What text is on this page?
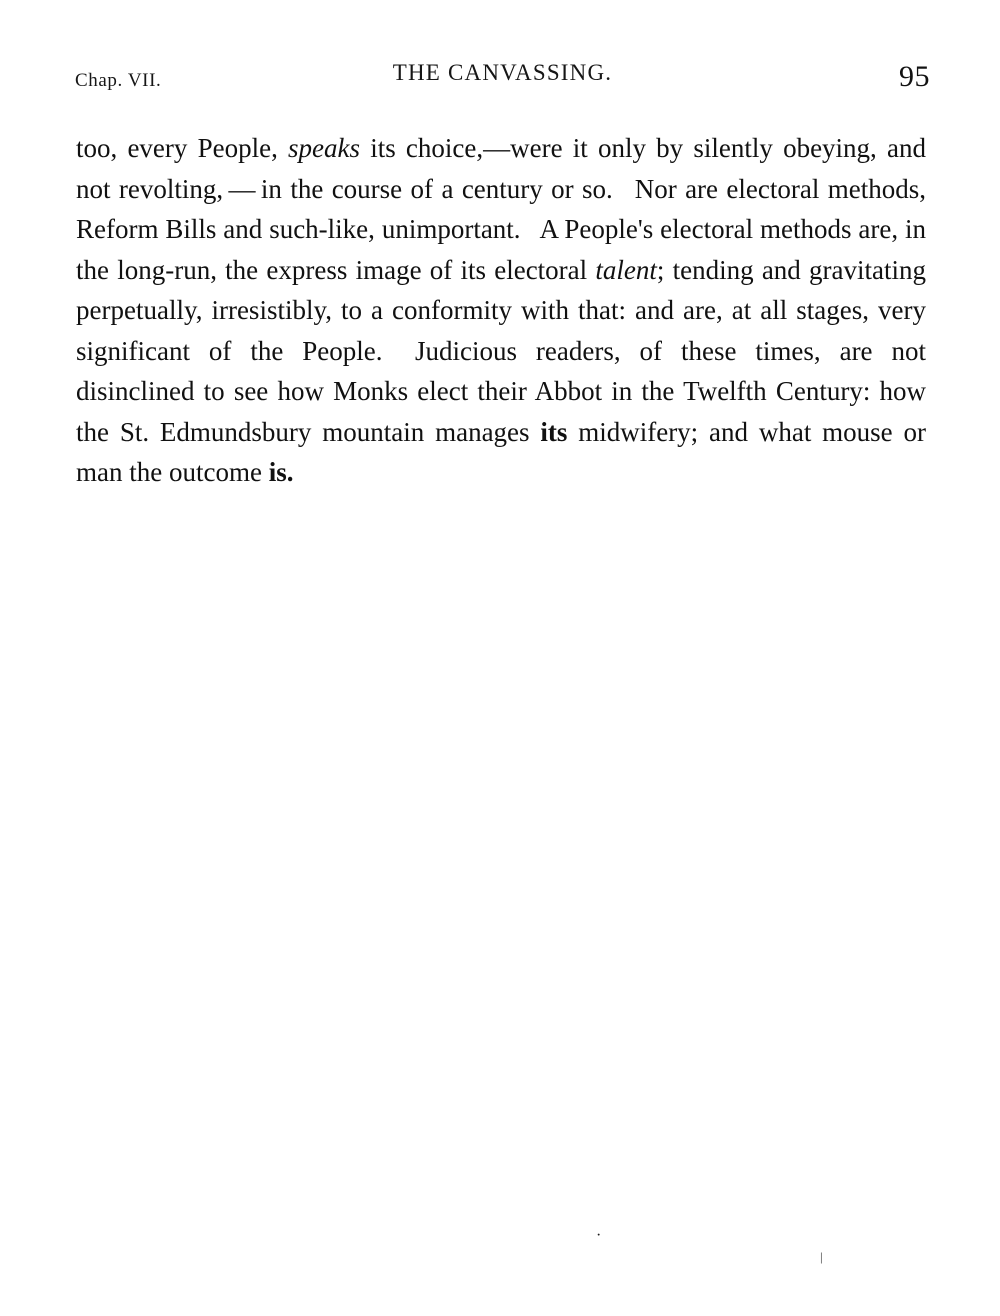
Chap. VII.	THE CANVASSING.	95
too, every People, speaks its choice,—were it only by silently obeying, and not revolting, — in the course of a century or so.  Nor are electoral methods, Reform Bills and such-like, unimportant.  A People's electoral methods are, in the long-run, the express image of its electoral talent; tending and gravitating perpetually, irresistibly, to a conformity with that: and are, at all stages, very significant of the People.  Judicious readers, of these times, are not disinclined to see how Monks elect their Abbot in the Twelfth Century: how the St. Edmundsbury mountain manages its midwifery; and what mouse or man the outcome is.
·
|
